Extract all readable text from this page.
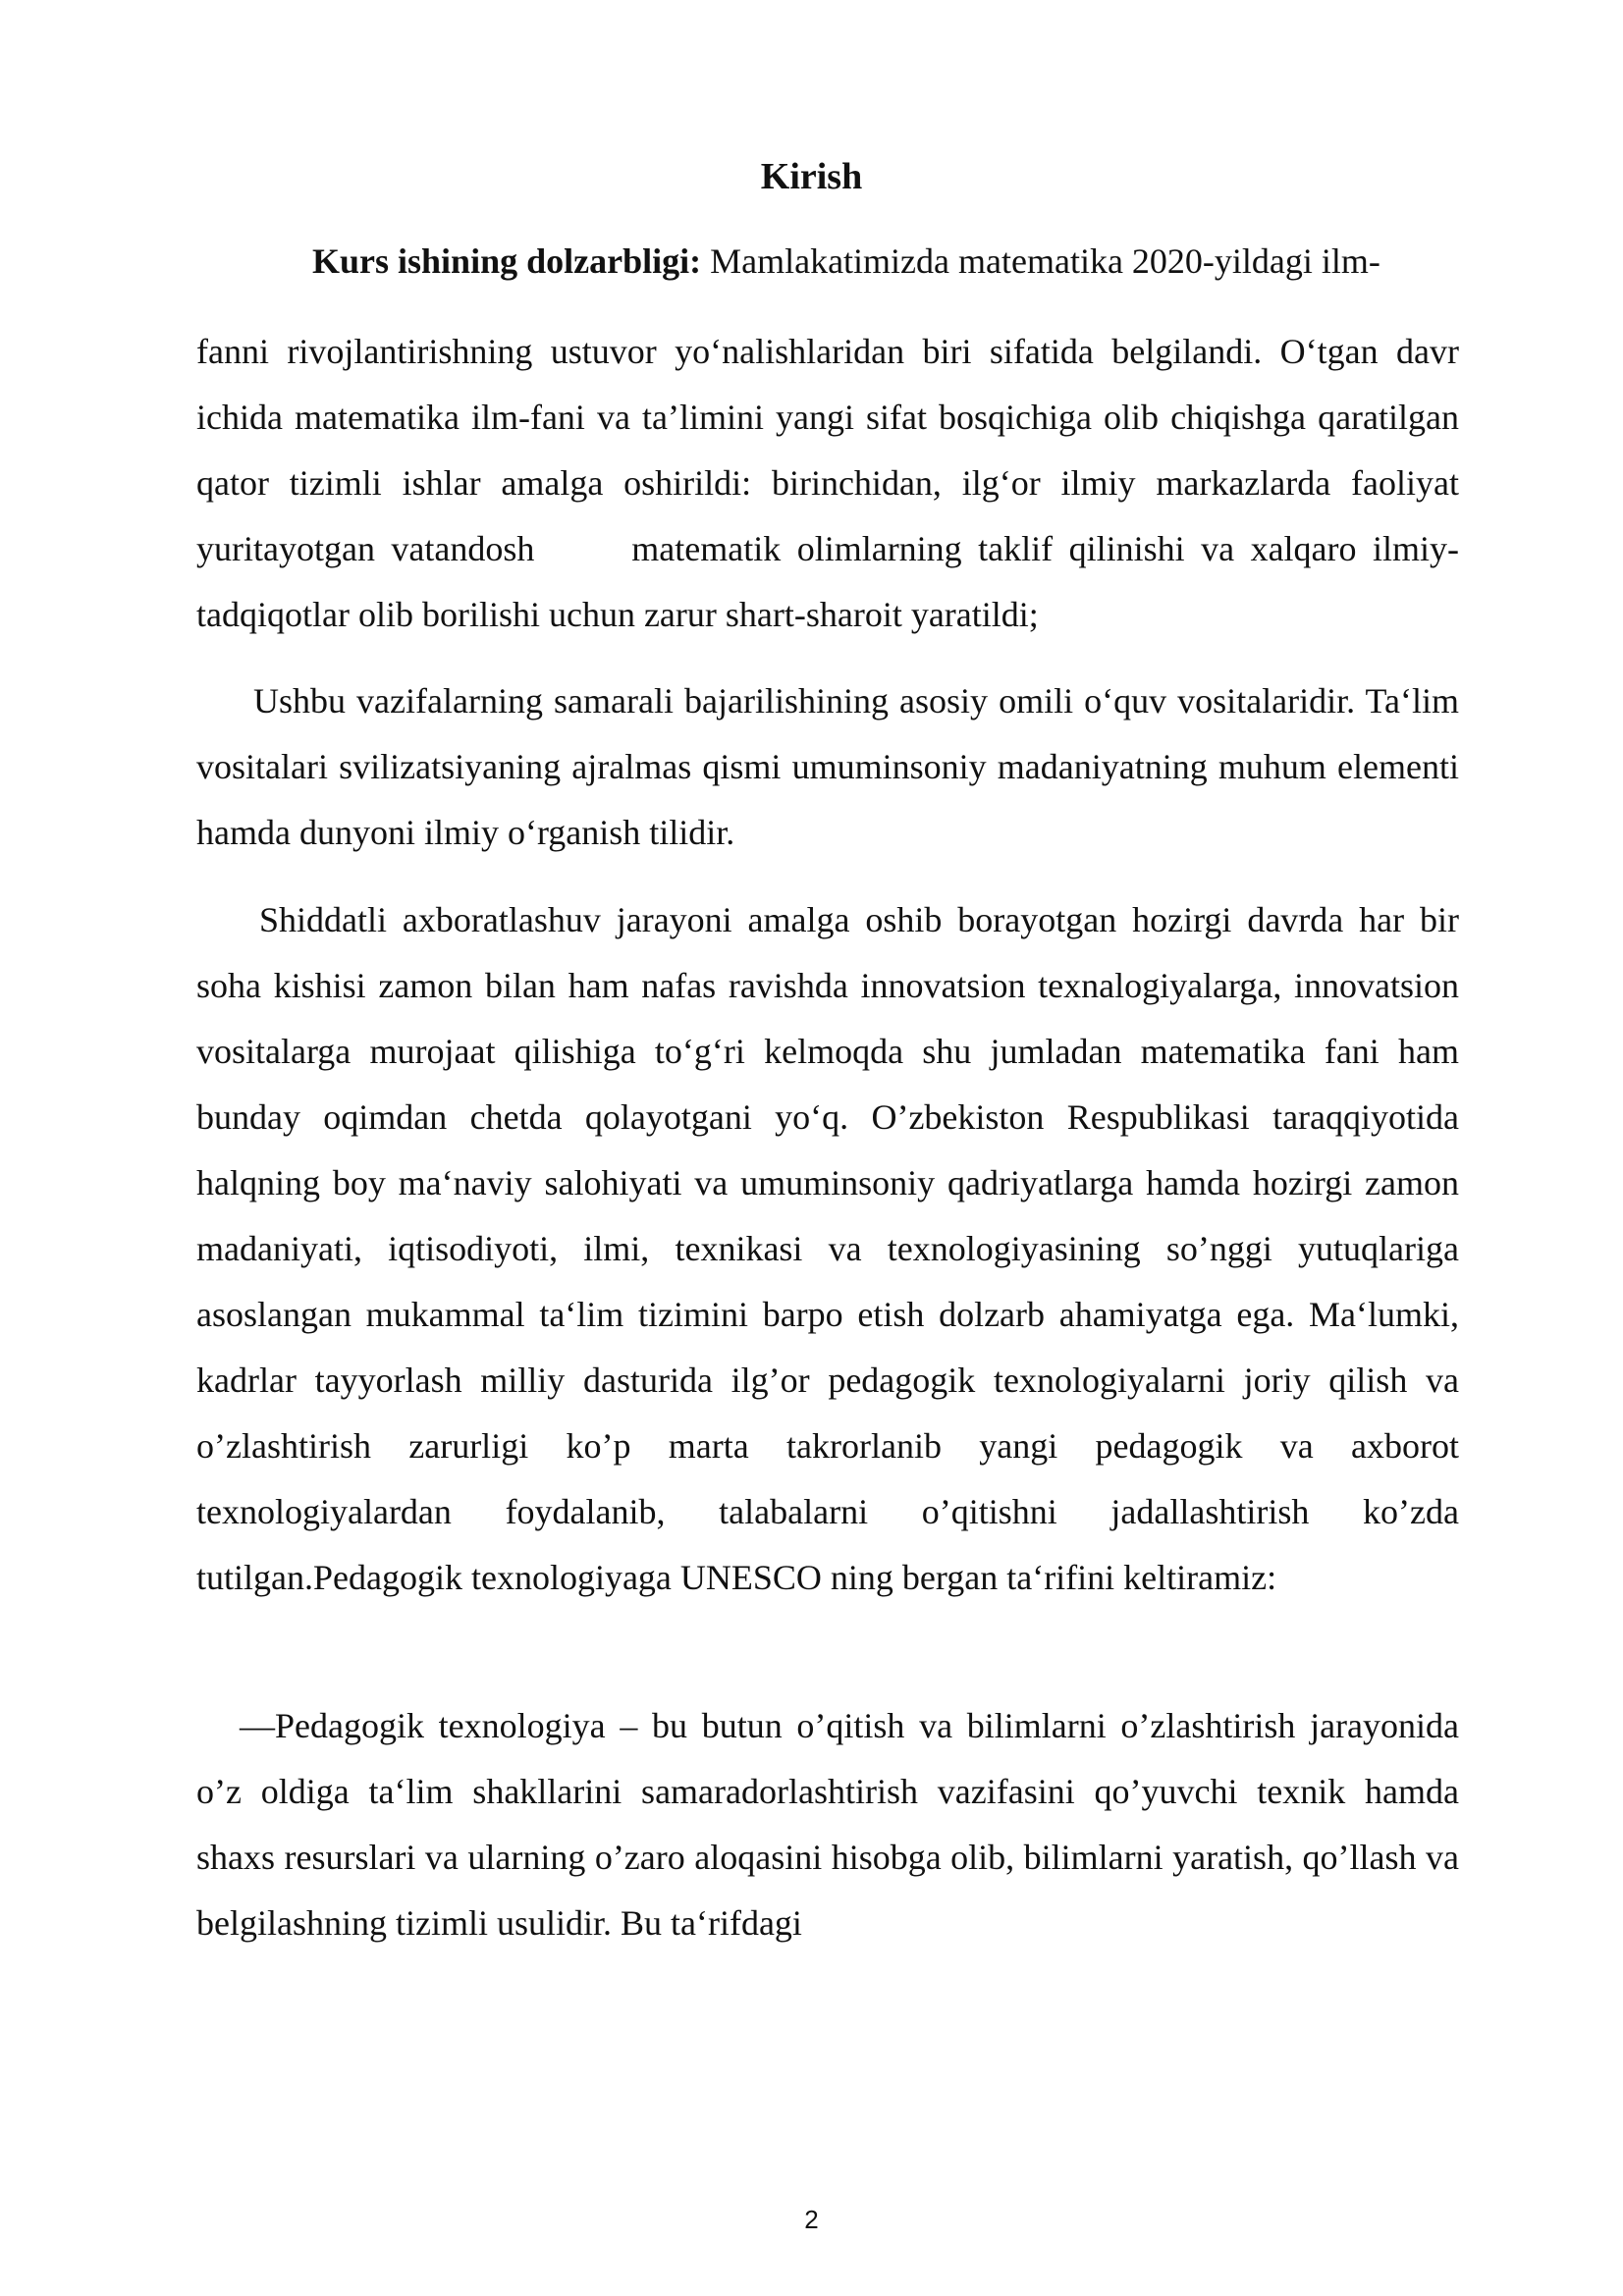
Kirish
Kurs ishining dolzarbligi: Mamlakatimizda matematika 2020-yildagi ilm-
fanni rivojlantirishning ustuvor yo‘nalishlaridan biri sifatida belgilandi. O‘tgan davr ichida matematika ilm-fani va ta’limini yangi sifat bosqichiga olib chiqishga qaratilgan qator tizimli ishlar amalga oshirildi: birinchidan, ilg‘or ilmiy markazlarda faoliyat yuritayotgan vatandosh      matematik olimlarning taklif qilinishi va xalqaro ilmiy-tadqiqotlar olib borilishi uchun zarur shart-sharoit yaratildi;
Ushbu vazifalarning samarali bajarilishining asosiy omili o‘quv vositalaridir. Ta‘lim vositalari svilizatsiyaning ajralmas qismi umuminsoniy madaniyatning muhum elementi hamda dunyoni ilmiy o‘rganish tilidir.
Shiddatli axboratlashuv jarayoni amalga oshib borayotgan hozirgi davrda har bir soha kishisi zamon bilan ham nafas ravishda innovatsion texnalogiyalarga, innovatsion vositalarga murojaat qilishiga to‘g‘ri kelmoqda shu jumladan matematika fani ham bunday oqimdan chetda qolayotgani yo‘q. O’zbekiston Respublikasi taraqqiyotida halqning boy ma‘naviy salohiyati va umuminsoniy qadriyatlarga hamda hozirgi zamon madaniyati, iqtisodiyoti, ilmi, texnikasi va texnologiyasining so’nggi yutuqlariga asoslangan mukammal ta‘lim tizimini barpo etish dolzarb ahamiyatga ega. Ma‘lumki, kadrlar tayyorlash milliy dasturida ilg’or pedagogik texnologiyalarni joriy qilish va o’zlashtirish zarurligi ko’p marta takrorlanib yangi pedagogik va axborot texnologiyalardan foydalanib, talabalarni o’qitishni jadallashtirish ko’zda tutilgan.Pedagogik texnologiyaga UNESCO ning bergan ta‘rifini keltiramiz:
―Pedagogik texnologiya – bu butun o’qitish va bilimlarni o’zlashtirish jarayonida o’z oldiga ta‘lim shakllarini samaradorlashtirish vazifasini qo’yuvchi texnik hamda shaxs resurslari va ularning o’zaro aloqasini hisobga olib, bilimlarni yaratish, qo’llash va belgilashning tizimli usulidir. Bu ta‘rifdagi
2
